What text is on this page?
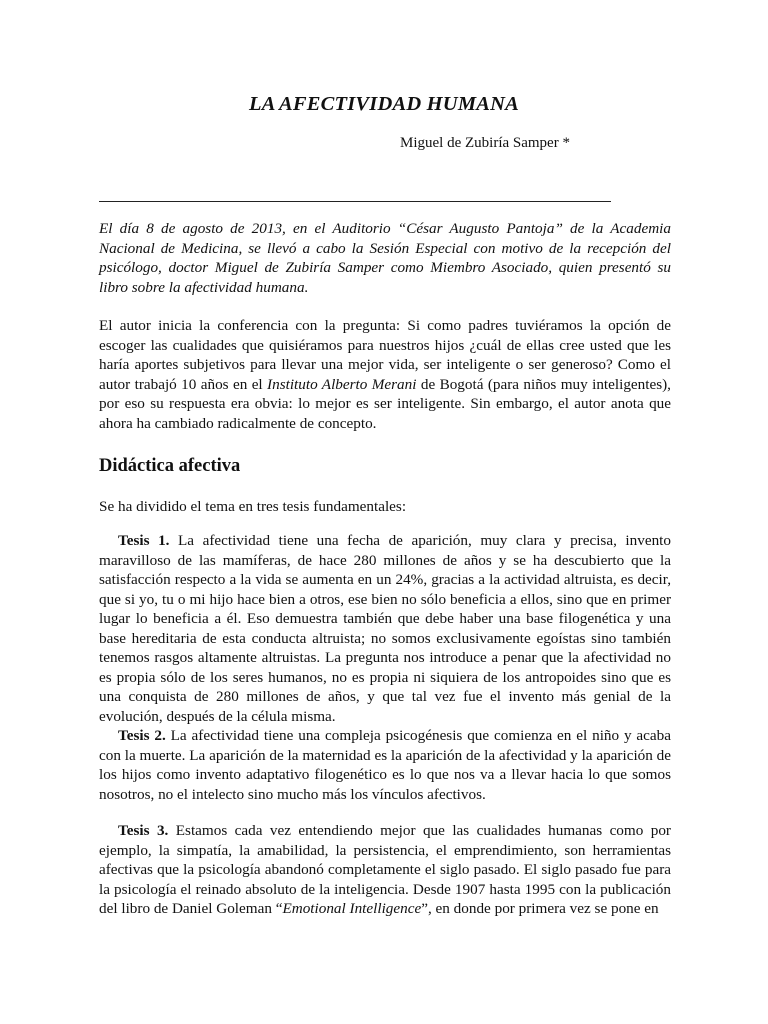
LA AFECTIVIDAD HUMANA

Miguel de Zubiría Samper *

El día 8 de agosto de 2013, en el Auditorio “César Augusto Pantoja” de la Academia Nacional de Medicina, se llevó a cabo la Sesión Especial con motivo de la recepción del psicólogo, doctor Miguel de Zubiría Samper como Miembro Asociado, quien presentó su libro sobre la afectividad humana.

El autor inicia la conferencia con la pregunta: Si como padres tuviéramos la opción de escoger las cualidades que quisiéramos para nuestros hijos ¿cuál de ellas cree usted que les haría aportes subjetivos para llevar una mejor vida, ser inteligente o ser generoso? Como el autor trabajó 10 años en el Instituto Alberto Merani de Bogotá (para niños muy inteligentes), por eso su respuesta era obvia: lo mejor es ser inteligente. Sin embargo, el autor anota que ahora ha cambiado radicalmente de concepto.

Didáctica afectiva

Se ha dividido el tema en tres tesis fundamentales:

Tesis 1. La afectividad tiene una fecha de aparición, muy clara y precisa, invento maravilloso de las mamíferas, de hace 280 millones de años y se ha descubierto que la satisfacción respecto a la vida se aumenta en un 24%, gracias a la actividad altruista, es decir, que si yo, tu o mi hijo hace bien a otros, ese bien no sólo beneficia a ellos, sino que en primer lugar lo beneficia a él. Eso demuestra también que debe haber una base filogenética y una base hereditaria de esta conducta altruista; no somos exclusivamente egoístas sino también tenemos rasgos altamente altruistas. La pregunta nos introduce a penar que la afectividad no es propia sólo de los seres humanos, no es propia ni siquiera de los antropoides sino que es una conquista de 280 millones de años, y que tal vez fue el invento más genial de la evolución, después de la célula misma.

Tesis 2. La afectividad tiene una compleja psicogénesis que comienza en el niño y acaba con la muerte. La aparición de la maternidad es la aparición de la afectividad y la aparición de los hijos como invento adaptativo filogenético es lo que nos va a llevar hacia lo que somos nosotros, no el intelecto sino mucho más los vínculos afectivos.

Tesis 3. Estamos cada vez entendiendo mejor que las cualidades humanas como por ejemplo, la simpatía, la amabilidad, la persistencia, el emprendimiento, son herramientas afectivas que la psicología abandonó completamente el siglo pasado. El siglo pasado fue para la psicología el reinado absoluto de la inteligencia. Desde 1907 hasta 1995 con la publicación del libro de Daniel Goleman “Emotional Intelligence”, en donde por primera vez se pone en
